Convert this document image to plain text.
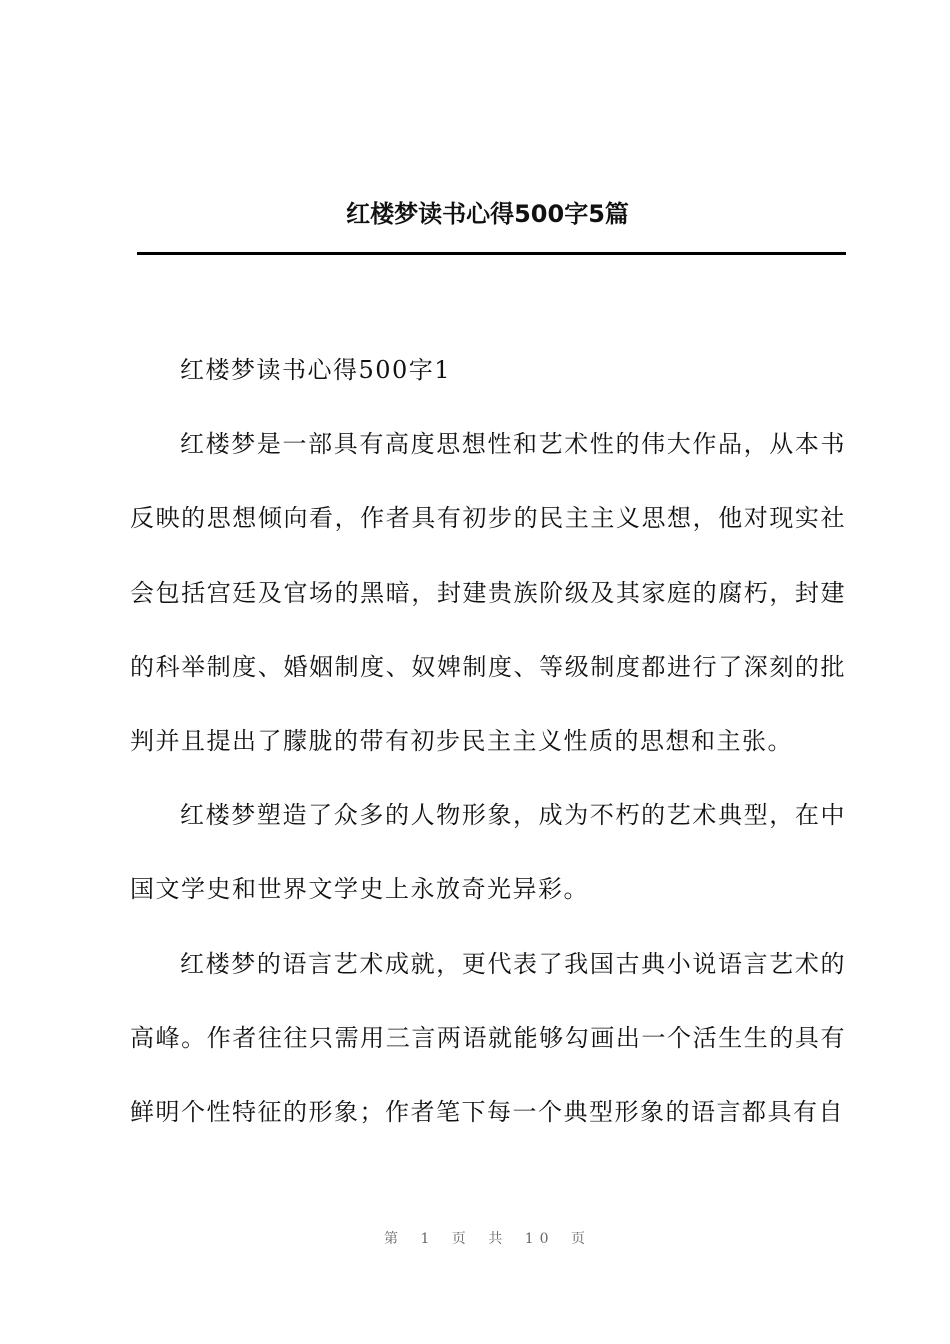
红楼梦读书心得500字5篇

红楼梦读书心得500字1

红楼梦是一部具有高度思想性和艺术性的伟大作品，从本书反映的思想倾向看，作者具有初步的民主主义思想，他对现实社会包括宫廷及官场的黑暗，封建贵族阶级及其家庭的腐朽，封建的科举制度、婚姻制度、奴婢制度、等级制度都进行了深刻的批判并且提出了朦胧的带有初步民主主义性质的思想和主张。

红楼梦塑造了众多的人物形象，成为不朽的艺术典型，在中国文学史和世界文学史上永放奇光异彩。

红楼梦的语言艺术成就，更代表了我国古典小说语言艺术的高峰。作者往往只需用三言两语就能够勾画出一个活生生的具有鲜明个性特征的形象；作者笔下每一个典型形象的语言都具有自

第 1 页 共 10 页
